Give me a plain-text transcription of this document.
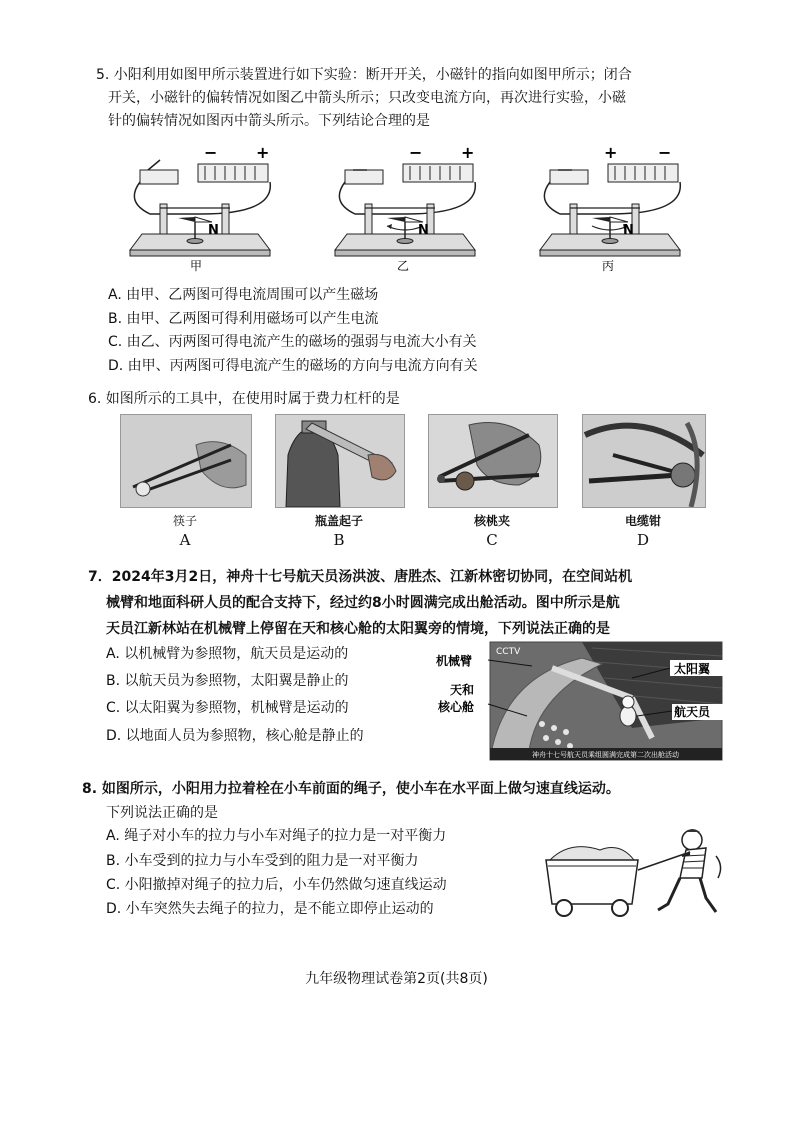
5. 小阳利用如图甲所示装置进行如下实验：断开开关，小磁针的指向如图甲所示；闭合
开关，小磁针的偏转情况如图乙中箭头所示；只改变电流方向，再次进行实验，小磁
针的偏转情况如图丙中箭头所示。下列结论合理的是
− +
N
甲
− +
N
乙
+	−
N
丙
A. 由甲、乙两图可得电流周围可以产生磁场
B. 由甲、乙两图可得利用磁场可以产生电流
C. 由乙、丙两图可得电流产生的磁场的强弱与电流大小有关
D. 由甲、丙两图可得电流产生的磁场的方向与电流方向有关
6. 如图所示的工具中，在使用时属于费力杠杆的是
筷子
A
瓶盖起子
B
核桃夹
C
电缆钳
D
7．2024年3月2日，神舟十七号航天员汤洪波、唐胜杰、江新林密切协同，在空间站机
械臂和地面科研人员的配合支持下，经过约8小时圆满完成出舱活动。图中所示是航
天员江新林站在机械臂上停留在天和核心舱的太阳翼旁的情境，下列说法正确的是
A. 以机械臂为参照物，航天员是运动的
B. 以航天员为参照物，太阳翼是静止的
C. 以太阳翼为参照物，机械臂是运动的
D. 以地面人员为参照物，核心舱是静止的
CCTV
神舟十七号航天员乘组圆满完成第二次出舱活动
机械臂
太阳翼
天和
核心舱	航天员
8. 如图所示，小阳用力拉着栓在小车前面的绳子，使小车在水平面上做匀速直线运动。
下列说法正确的是
A. 绳子对小车的拉力与小车对绳子的拉力是一对平衡力
B. 小车受到的拉力与小车受到的阻力是一对平衡力
C. 小阳撤掉对绳子的拉力后，小车仍然做匀速直线运动
D. 小车突然失去绳子的拉力，是不能立即停止运动的
九年级物理试卷第2页(共8页)
